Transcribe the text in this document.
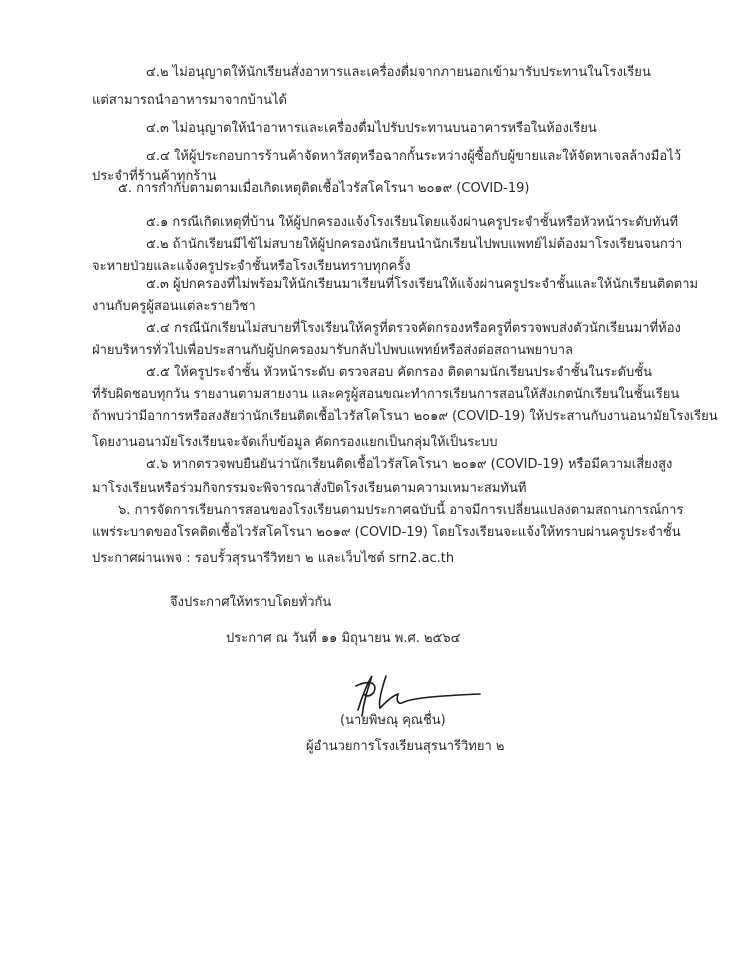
๔.๒ ไม่อนุญาตให้นักเรียนสั่งอาหารและเครื่องดื่มจากภายนอกเข้ามารับประทานในโรงเรียน
แต่สามารถนำอาหารมาจากบ้านได้
๔.๓ ไม่อนุญาตให้นำอาหารและเครื่องดื่มไปรับประทานบนอาคารหรือในห้องเรียน
๔.๔ ให้ผู้ประกอบการร้านค้าจัดหาวัสดุหรือฉากกั้นระหว่างผู้ซื้อกับผู้ขายและให้จัดหาเจลล้างมือไว้
ประจำที่ร้านค้าทุกร้าน
๕. การกำกับตามตามเมื่อเกิดเหตุติดเชื้อไวรัสโคโรนา ๒๐๑๙ (COVID-19)
๕.๑ กรณีเกิดเหตุที่บ้าน ให้ผู้ปกครองแจ้งโรงเรียนโดยแจ้งผ่านครูประจำชั้นหรือหัวหน้าระดับทันที
๕.๒ ถ้านักเรียนมีไข้ไม่สบายให้ผู้ปกครองนักเรียนนำนักเรียนไปพบแพทย์ไม่ต้องมาโรงเรียนจนกว่า
จะหายป่วยและแจ้งครูประจำชั้นหรือโรงเรียนทราบทุกครั้ง
๕.๓ ผู้ปกครองที่ไม่พร้อมให้นักเรียนมาเรียนที่โรงเรียนให้แจ้งผ่านครูประจำชั้นและให้นักเรียนติดตาม
งานกับครูผู้สอนแต่ละรายวิชา
๕.๔ กรณีนักเรียนไม่สบายที่โรงเรียนให้ครูที่ตรวจคัดกรองหรือครูที่ตรวจพบส่งตัวนักเรียนมาที่ห้อง
ฝ่ายบริหารทั่วไปเพื่อประสานกับผู้ปกครองมารับกลับไปพบแพทย์หรือส่งต่อสถานพยาบาล
๕.๕ ให้ครูประจำชั้น หัวหน้าระดับ ตรวจสอบ คัดกรอง ติดตามนักเรียนประจำชั้นในระดับชั้น
ที่รับผิดชอบทุกวัน รายงานตามสายงาน และครูผู้สอนขณะทำการเรียนการสอนให้สังเกตนักเรียนในชั้นเรียน
ถ้าพบว่ามีอาการหรือสงสัยว่านักเรียนติดเชื้อไวรัสโคโรนา ๒๐๑๙ (COVID-19) ให้ประสานกับงานอนามัยโรงเรียน
โดยงานอนามัยโรงเรียนจะจัดเก็บข้อมูล คัดกรองแยกเป็นกลุ่มให้เป็นระบบ
๕.๖ หากตรวจพบยืนยันว่านักเรียนติดเชื้อไวรัสโคโรนา ๒๐๑๙ (COVID-19) หรือมีความเสี่ยงสูง
มาโรงเรียนหรือร่วมกิจกรรมจะพิจารณาสั่งปิดโรงเรียนตามความเหมาะสมทันที
๖. การจัดการเรียนการสอนของโรงเรียนตามประกาศฉบับนี้ อาจมีการเปลี่ยนแปลงตามสถานการณ์การ
แพร่ระบาดของโรคติดเชื้อไวรัสโคโรนา ๒๐๑๙ (COVID-19) โดยโรงเรียนจะแจ้งให้ทราบผ่านครูประจำชั้น
ประกาศผ่านเพจ : รอบรั้วสุรนารีวิทยา ๒ และเว็บไซต์ srn2.ac.th
จึงประกาศให้ทราบโดยทั่วกัน
ประกาศ ณ วันที่ ๑๑ มิถุนายน พ.ศ. ๒๕๖๔
(นายพิษณุ คุณชื่น)
ผู้อำนวยการโรงเรียนสุรนารีวิทยา ๒
